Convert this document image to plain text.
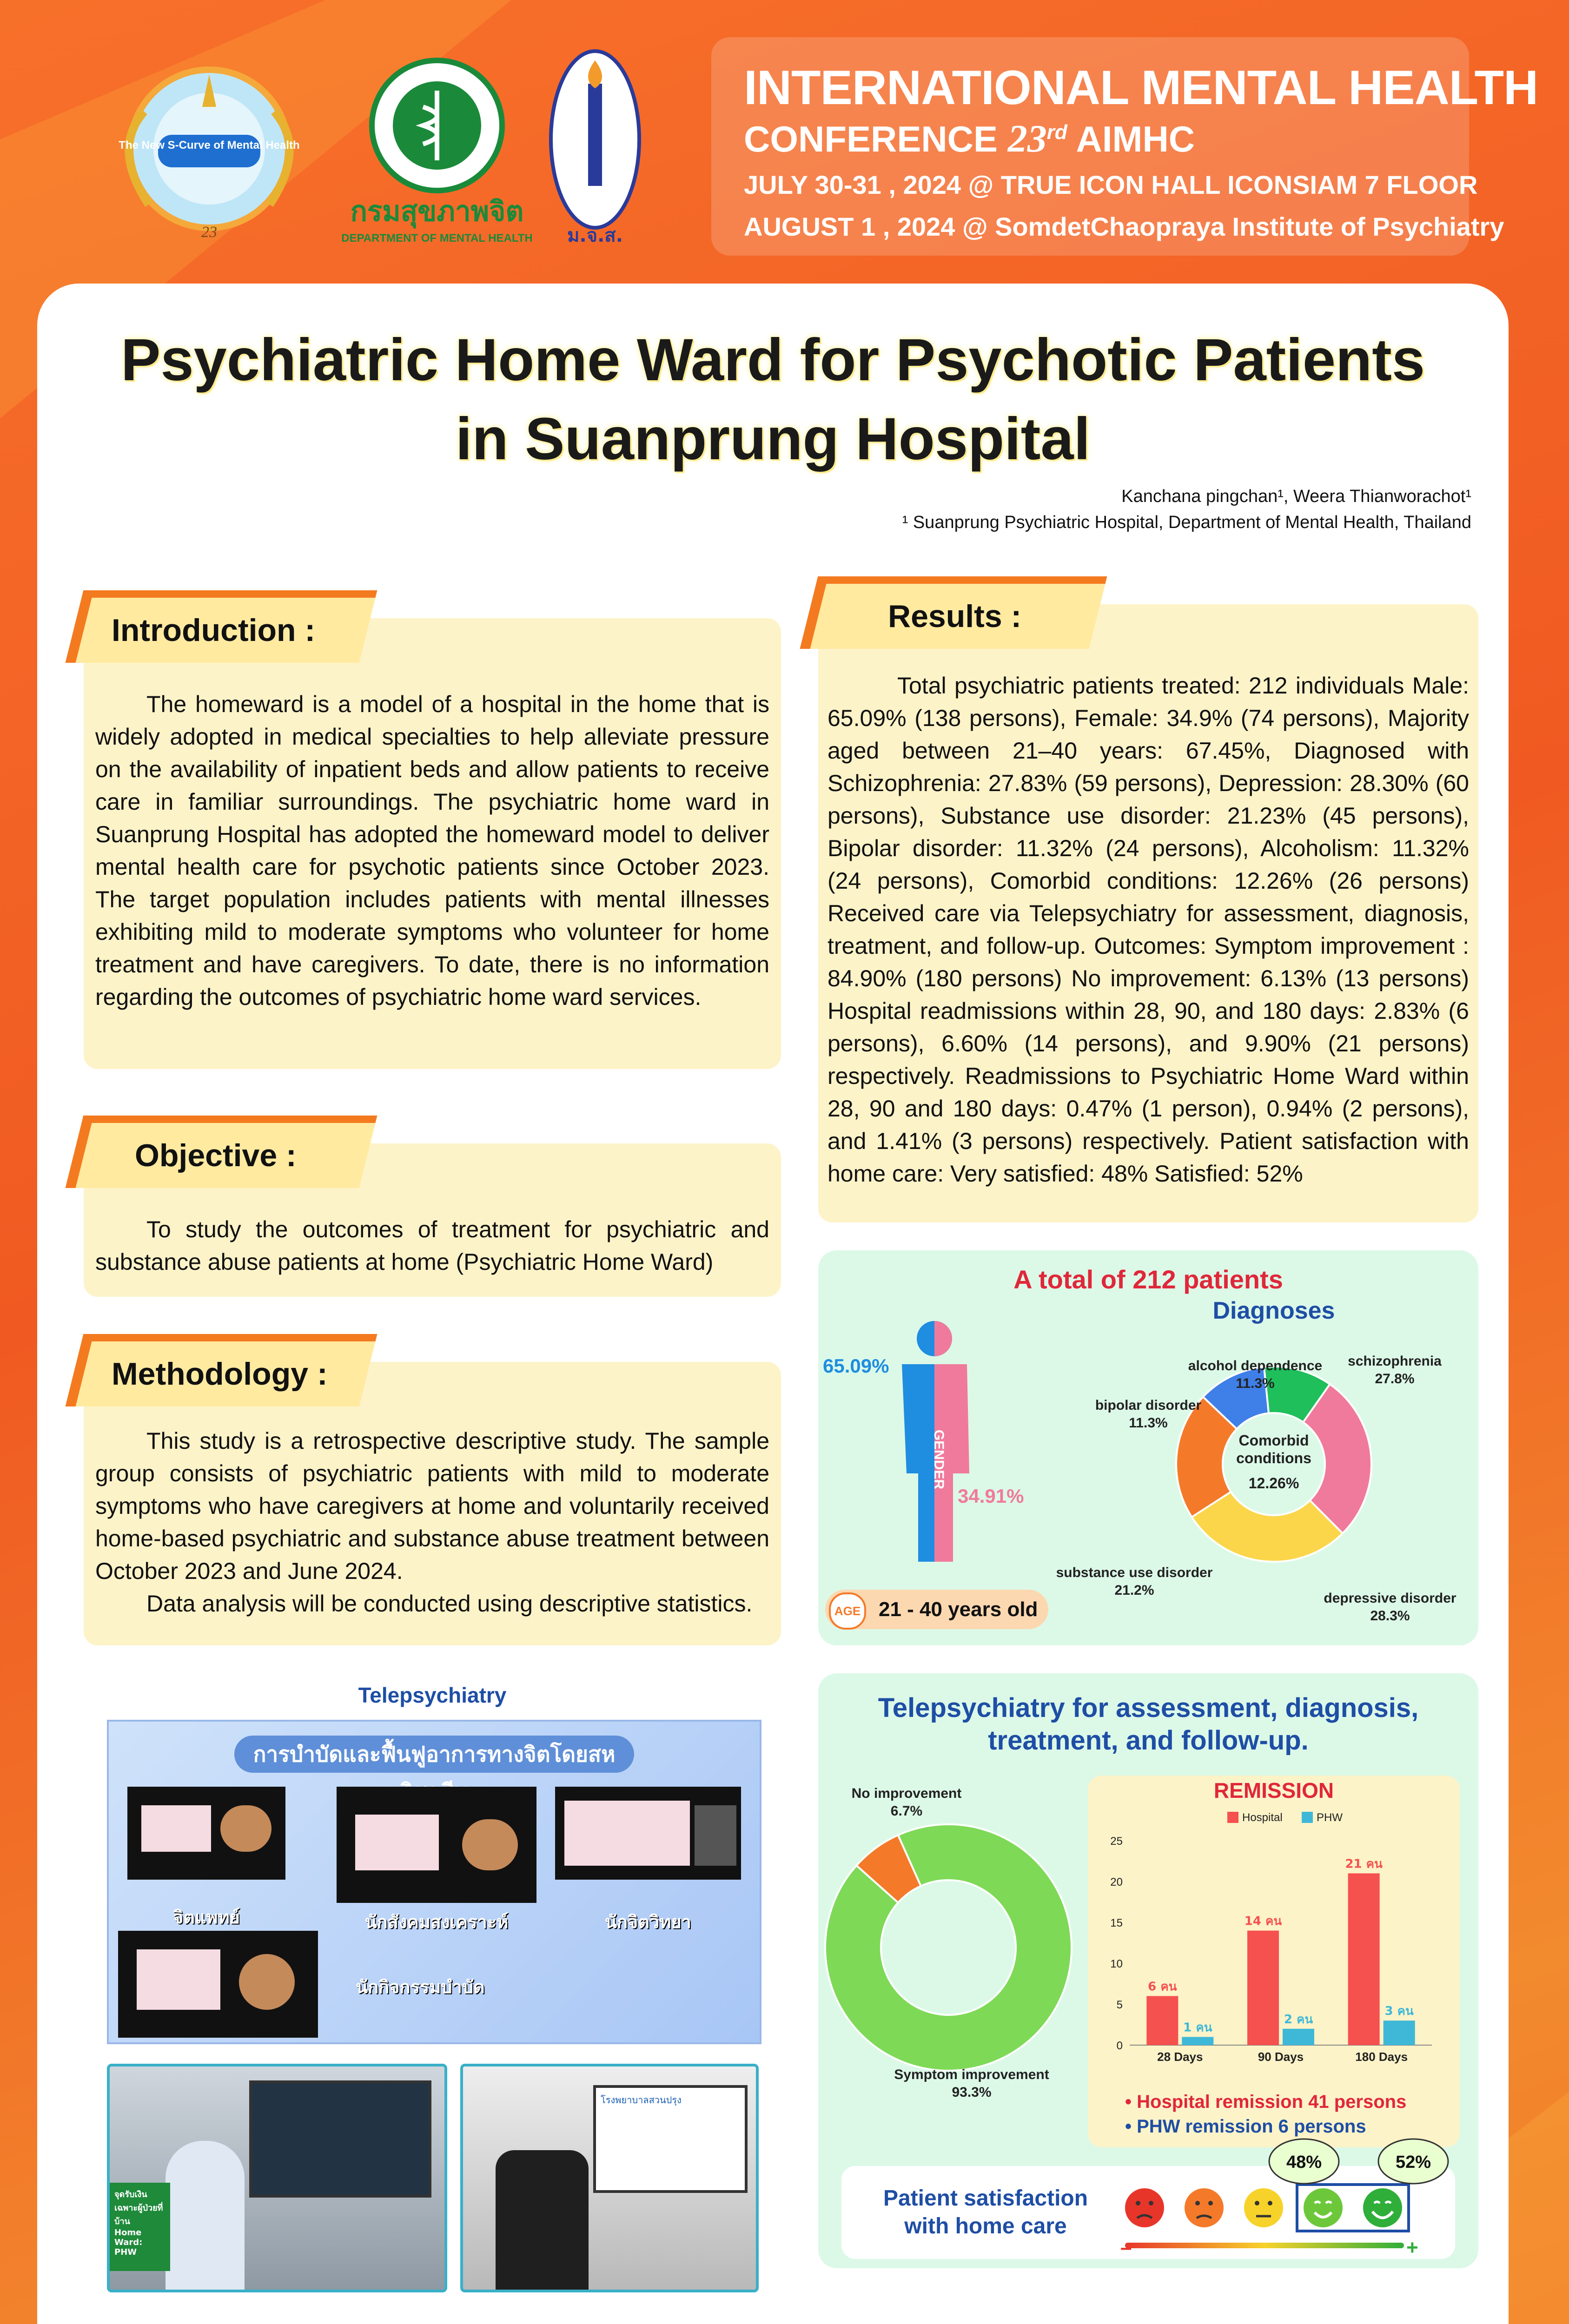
The New S-Curve of Mental Health
23
กรมสุขภาพจิต
DEPARTMENT OF MENTAL HEALTH ม.จ.ส.
INTERNATIONAL MENTAL HEALTH
CONFERENCE 23rd AIMHC
JULY 30-31 , 2024 @ TRUE ICON HALL ICONSIAM 7 FLOOR
AUGUST 1 , 2024 @ SomdetChaopraya Institute of Psychiatry
Psychiatric Home Ward for Psychotic Patients
in Suanprung Hospital
Kanchana pingchan¹, Weera Thianworachot¹
¹ Suanprung Psychiatric Hospital, Department of Mental Health, Thailand
Introduction :
The homeward is a model of a hospital in the home that is widely adopted in medical specialties to help alleviate pressure on the availability of inpatient beds and allow patients to receive care in familiar surroundings. The psychiatric home ward in Suanprung Hospital has adopted the homeward model to deliver mental health care for psychotic patients since October 2023. The target population includes patients with mental illnesses exhibiting mild to moderate symptoms who volunteer for home treatment and have caregivers. To date, there is no information regarding the outcomes of psychiatric home ward services.
Objective :
To study the outcomes of treatment for psychiatric and substance abuse patients at home (Psychiatric Home Ward)
Methodology :
This study is a retrospective descriptive study. The sample group consists of psychiatric patients with mild to moderate symptoms who have caregivers at home and voluntarily received home-based psychiatric and substance abuse treatment between October 2023 and June 2024.
Data analysis will be conducted using descriptive statistics.
Results :
Total psychiatric patients treated: 212 individuals Male: 65.09% (138 persons), Female: 34.9% (74 persons), Majority aged between 21–40 years: 67.45%, Diagnosed with Schizophrenia: 27.83% (59 persons), Depression: 28.30% (60 persons), Substance use disorder: 21.23% (45 persons), Bipolar disorder: 11.32% (24 persons), Alcoholism: 11.32% (24 persons), Comorbid conditions: 12.26% (26 persons) Received care via Telepsychiatry for assessment, diagnosis, treatment, and follow-up. Outcomes: Symptom improvement : 84.90% (180 persons) No improvement: 6.13% (13 persons) Hospital readmissions within 28, 90, and 180 days: 2.83% (6 persons), 6.60% (14 persons), and 9.90% (21 persons) respectively. Readmissions to Psychiatric Home Ward within 28, 90 and 180 days: 0.47% (1 person), 0.94% (2 persons), and 1.41% (3 persons) respectively. Patient satisfaction with home care: Very satisfied: 48% Satisfied: 52%
A total of 212 patients
65.09%
34.91%
GENDER
AGE 21 - 40 years old
Diagnoses
Comorbid conditions
12.26%
schizophrenia
27.8%
depressive disorder
28.3%
substance use disorder
21.2%
bipolar disorder
11.3%
alcohol dependence
11.3%
Telepsychiatry
การบำบัดและฟื้นฟูอาการทางจิตโดยสห
จิตแพทย์	นักสังคมสงเคราะห์	นักจิตวิทยา
นักกิจกรรมบำบัด
จุดรับเงิน
เฉพาะผู้ป่วยที่บ้าน
Home Ward: PHW
โรงพยาบาลสวนปรุง
Telepsychiatry for assessment, diagnosis,
treatment, and follow-up.
No improvement
6.7%
Symptom improvement
93.3%
REMISSION
Hospital	PHW
0
5
10
15
20
25
6 คน
1 คน
28 Days
14 คน
2 คน
90 Days
21 คน
3 คน
180 Days
• Hospital remission 41 persons
• PHW remission 6 persons
Patient satisfaction
with home care
–	+
48%	52%
